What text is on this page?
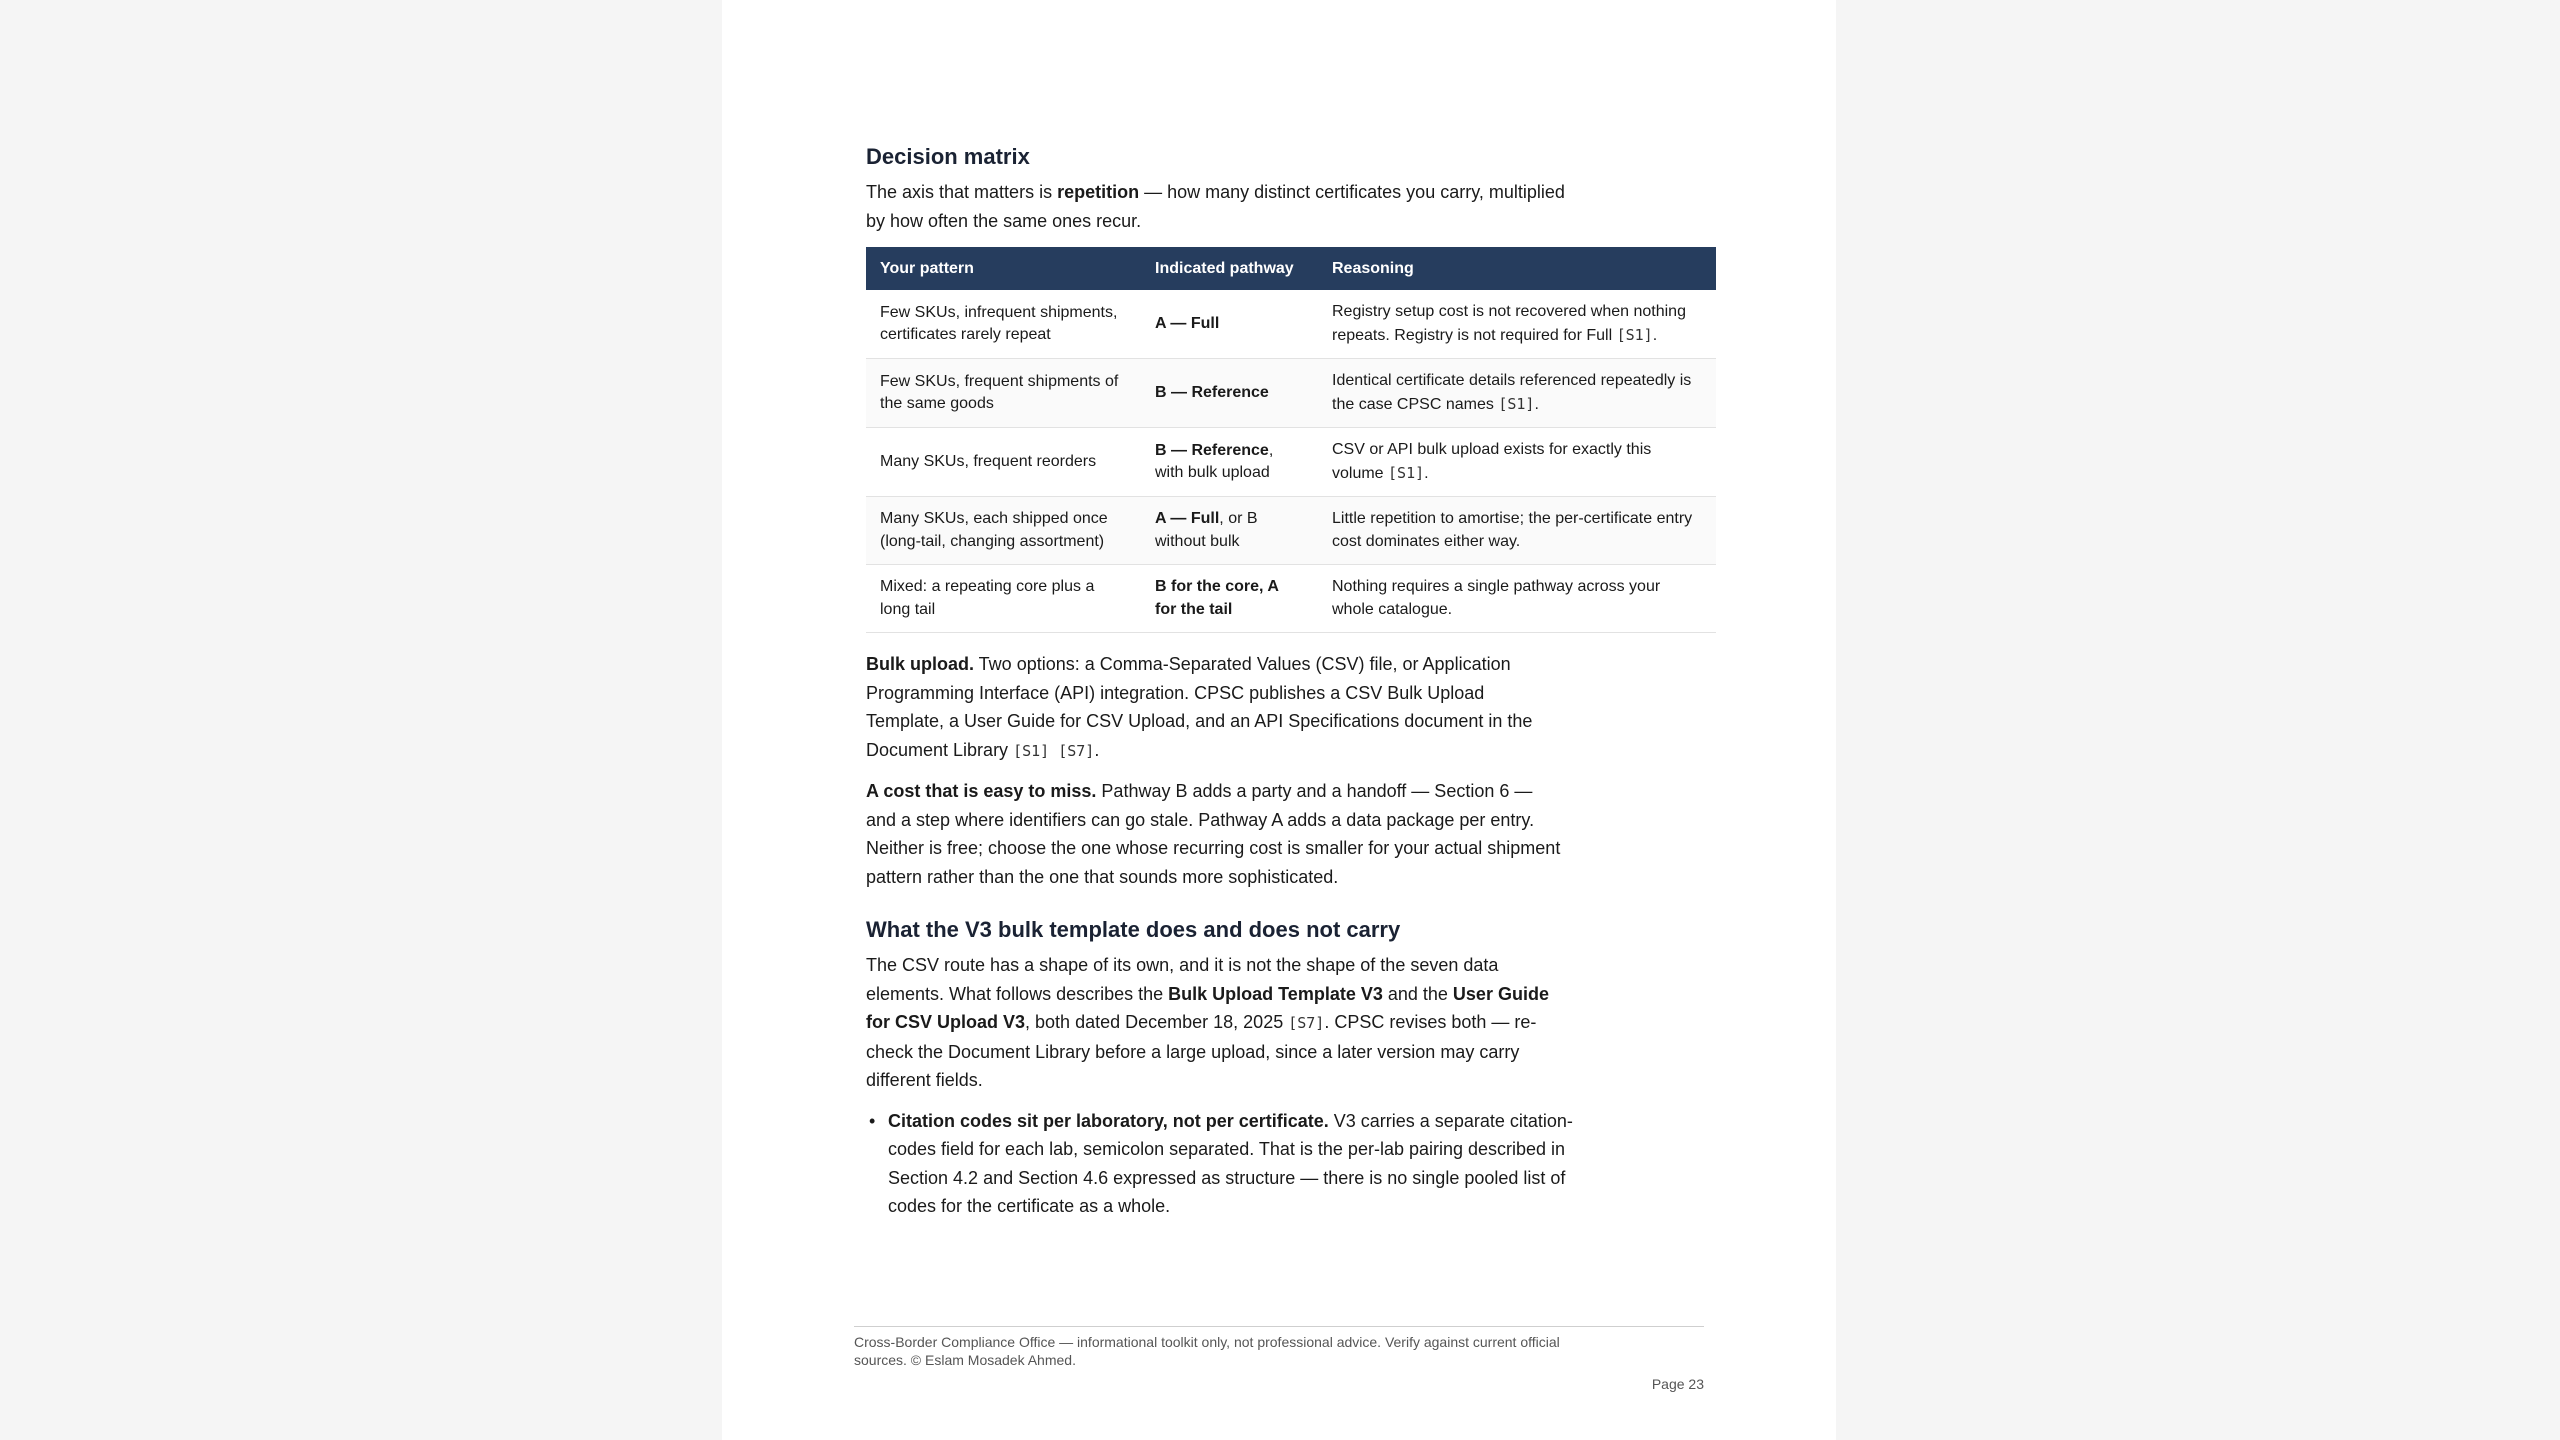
Decision matrix

The axis that matters is repetition — how many distinct certificates you carry, multiplied by how often the same ones recur.

Your pattern	Indicated pathway	Reasoning
Few SKUs, infrequent shipments, certificates rarely repeat	A — Full	Registry setup cost is not recovered when nothing repeats. Registry is not required for Full [S1].
Few SKUs, frequent shipments of the same goods	B — Reference	Identical certificate details referenced repeatedly is the case CPSC names [S1].
Many SKUs, frequent reorders	B — Reference, with bulk upload	CSV or API bulk upload exists for exactly this volume [S1].
Many SKUs, each shipped once (long-tail, changing assortment)	A — Full, or B without bulk	Little repetition to amortise; the per-certificate entry cost dominates either way.
Mixed: a repeating core plus a long tail	B for the core, A for the tail	Nothing requires a single pathway across your whole catalogue.

Bulk upload. Two options: a Comma-Separated Values (CSV) file, or Application Programming Interface (API) integration. CPSC publishes a CSV Bulk Upload Template, a User Guide for CSV Upload, and an API Specifications document in the Document Library [S1] [S7].

A cost that is easy to miss. Pathway B adds a party and a handoff — Section 6 — and a step where identifiers can go stale. Pathway A adds a data package per entry. Neither is free; choose the one whose recurring cost is smaller for your actual shipment pattern rather than the one that sounds more sophisticated.

What the V3 bulk template does and does not carry

The CSV route has a shape of its own, and it is not the shape of the seven data elements. What follows describes the Bulk Upload Template V3 and the User Guide for CSV Upload V3, both dated December 18, 2025 [S7]. CPSC revises both — re-check the Document Library before a large upload, since a later version may carry different fields.

• Citation codes sit per laboratory, not per certificate. V3 carries a separate citation-codes field for each lab, semicolon separated. That is the per-lab pairing described in Section 4.2 and Section 4.6 expressed as structure — there is no single pooled list of codes for the certificate as a whole.
Cross-Border Compliance Office — informational toolkit only, not professional advice. Verify against current official sources. © Eslam Mosadek Ahmed.
Page 23
